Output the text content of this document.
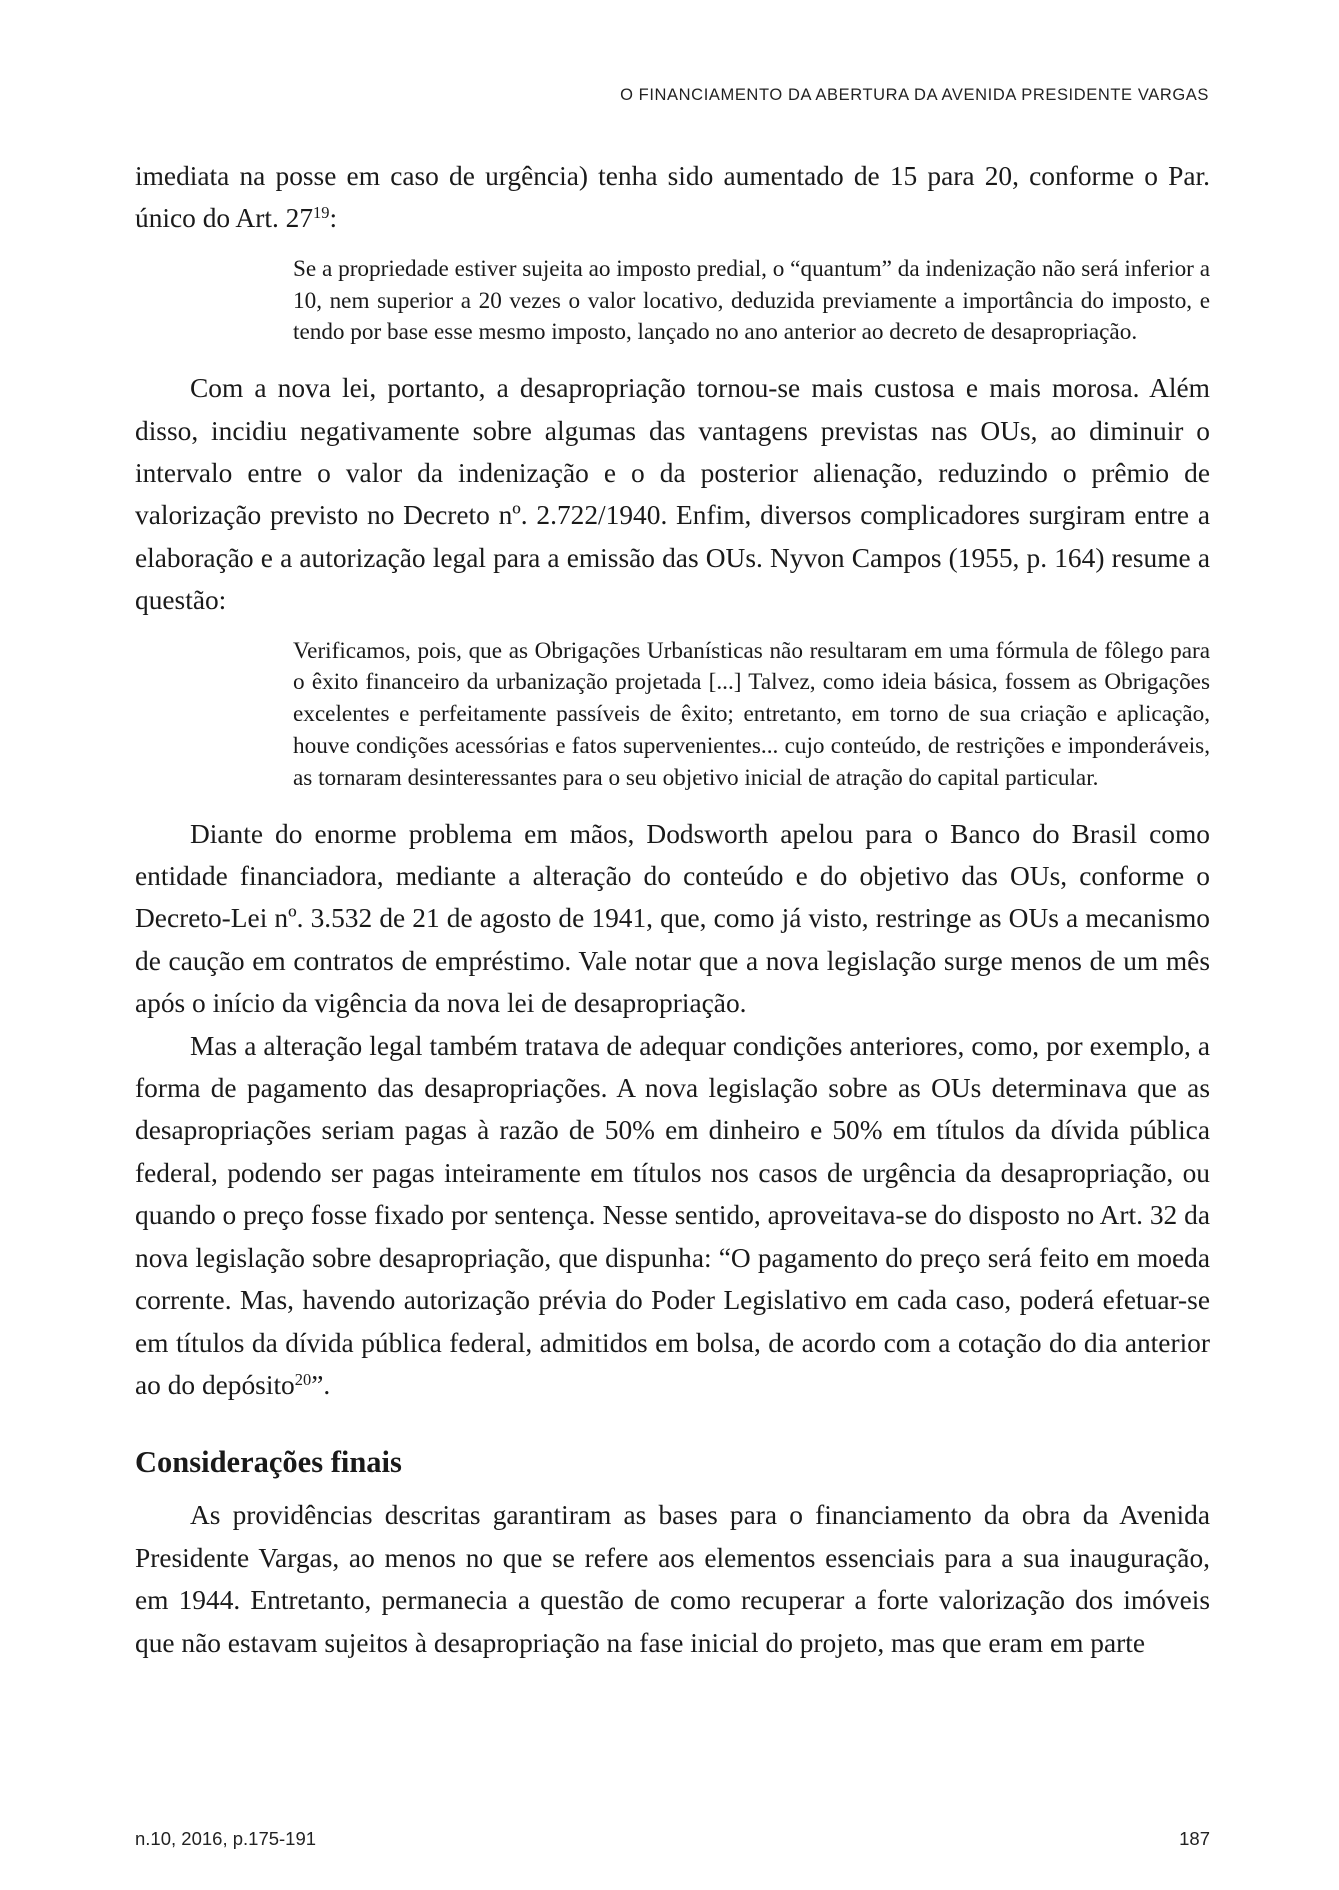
O FINANCIAMENTO DA ABERTURA DA AVENIDA PRESIDENTE VARGAS

imediata na posse em caso de urgência) tenha sido aumentado de 15 para 20, conforme o Par. único do Art. $27^{19}$:

Se a propriedade estiver sujeita ao imposto predial, o “quantum” da indenização não será inferior a 10, nem superior a 20 vezes o valor locativo, deduzida previamente a importância do imposto, e tendo por base esse mesmo imposto, lançado no ano anterior ao decreto de desapropriação.

Com a nova lei, portanto, a desapropriação tornou-se mais custosa e mais morosa. Além disso, incidiu negativamente sobre algumas das vantagens previstas nas OUs, ao diminuir o intervalo entre o valor da indenização e o da posterior alienação, reduzindo o prêmio de valorização previsto no Decreto nº. 2.722/1940. Enfim, diversos complicadores surgiram entre a elaboração e a autorização legal para a emissão das OUs. Nyvon Campos (1955, p. 164) resume a questão:

Verificamos, pois, que as Obrigações Urbanísticas não resultaram em uma fórmula de fôlego para o êxito financeiro da urbanização projetada [...] Talvez, como ideia básica, fossem as Obrigações excelentes e perfeitamente passíveis de êxito; entretanto, em torno de sua criação e aplicação, houve condições acessórias e fatos supervenientes... cujo conteúdo, de restrições e imponderáveis, as tornaram desinteressantes para o seu objetivo inicial de atração do capital particular.

Diante do enorme problema em mãos, Dodsworth apelou para o Banco do Brasil como entidade financiadora, mediante a alteração do conteúdo e do objetivo das OUs, conforme o Decreto-Lei nº. 3.532 de 21 de agosto de 1941, que, como já visto, restringe as OUs a mecanismo de caução em contratos de empréstimo. Vale notar que a nova legislação surge menos de um mês após o início da vigência da nova lei de desapropriação.

Mas a alteração legal também tratava de adequar condições anteriores, como, por exemplo, a forma de pagamento das desapropriações. A nova legislação sobre as OUs determinava que as desapropriações seriam pagas à razão de 50% em dinheiro e 50% em títulos da dívida pública federal, podendo ser pagas inteiramente em títulos nos casos de urgência da desapropriação, ou quando o preço fosse fixado por sentença. Nesse sentido, aproveitava-se do disposto no Art. 32 da nova legislação sobre desapropriação, que dispunha: “O pagamento do preço será feito em moeda corrente. Mas, havendo autorização prévia do Poder Legislativo em cada caso, poderá efetuar-se em títulos da dívida pública federal, admitidos em bolsa, de acordo com a cotação do dia anterior ao do depósito$^{20}$”.

Considerações finais

As providências descritas garantiram as bases para o financiamento da obra da Avenida Presidente Vargas, ao menos no que se refere aos elementos essenciais para a sua inauguração, em 1944. Entretanto, permanecia a questão de como recuperar a forte valorização dos imóveis que não estavam sujeitos à desapropriação na fase inicial do projeto, mas que eram em parte

n.10, 2016, p.175-191	187
